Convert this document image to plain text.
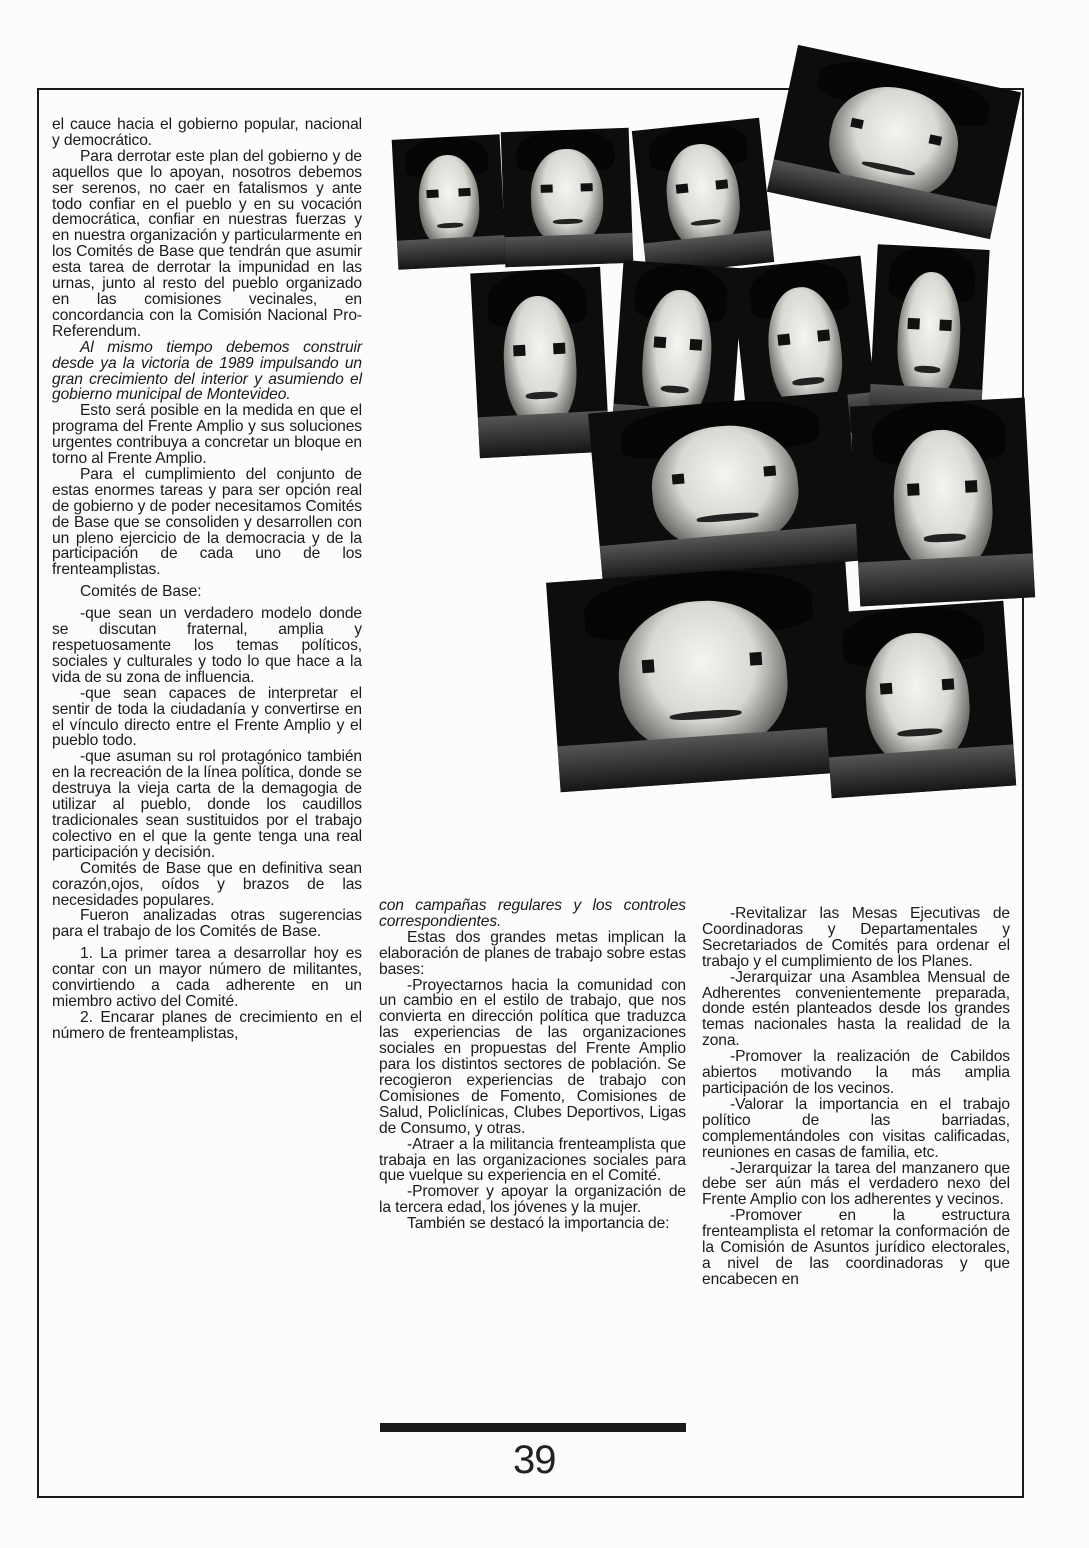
el cauce hacia el gobierno popular, nacional y democrático.

Para derrotar este plan del gobierno y de aquellos que lo apoyan, nosotros debemos ser serenos, no caer en fatalismos y ante todo confiar en el pueblo y en su vocación democrática, confiar en nuestras fuerzas y en nuestra organización y particularmente en los Comités de Base que tendrán que asumir esta tarea de derrotar la impunidad en las urnas, junto al resto del pueblo organizado en las comisiones vecinales, en concordancia con la Comisión Nacional Pro-Referendum.

Al mismo tiempo debemos construir desde ya la victoria de 1989 impulsando un gran crecimiento del interior y asumiendo el gobierno municipal de Montevideo.

Esto será posible en la medida en que el programa del Frente Amplio y sus soluciones urgentes contribuya a concretar un bloque en torno al Frente Amplio.

Para el cumplimiento del conjunto de estas enormes tareas y para ser opción real de gobierno y de poder necesitamos Comités de Base que se consoliden y desarrollen con un pleno ejercicio de la democracia y de la participación de cada uno de los frenteamplistas.

Comités de Base:

-que sean un verdadero modelo donde se discutan fraternal, amplia y respetuosamente los temas políticos, sociales y culturales y todo lo que hace a la vida de su zona de influencia.

-que sean capaces de interpretar el sentir de toda la ciudadanía y convertirse en el vínculo directo entre el Frente Amplio y el pueblo todo.

-que asuman su rol protagónico también en la recreación de la línea política, donde se destruya la vieja carta de la demagogia de utilizar al pueblo, donde los caudillos tradicionales sean sustituidos por el trabajo colectivo en el que la gente tenga una real participación y decisión.

Comités de Base que en definitiva sean corazón,ojos, oídos y brazos de las necesidades populares.

Fueron analizadas otras sugerencias para el trabajo de los Comités de Base.

1. La primer tarea a desarrollar hoy es contar con un mayor número de militantes, convirtiendo a cada adherente en un miembro activo del Comité.

2. Encarar planes de crecimiento en el número de frenteamplistas,

con campañas regulares y los controles correspondientes.

Estas dos grandes metas implican la elaboración de planes de trabajo sobre estas bases:

-Proyectarnos hacia la comunidad con un cambio en el estilo de trabajo, que nos convierta en dirección política que traduzca las experiencias de las organizaciones sociales en propuestas del Frente Amplio para los distintos sectores de población. Se recogieron experiencias de trabajo con Comisiones de Fomento, Comisiones de Salud, Policlínicas, Clubes Deportivos, Ligas de Consumo, y otras.

-Atraer a la militancia frenteamplista que trabaja en las organizaciones sociales para que vuelque su experiencia en el Comité.

-Promover y apoyar la organización de la tercera edad, los jóvenes y la mujer.

También se destacó la importancia de:

39

-Revitalizar las Mesas Ejecutivas de Coordinadoras y Departamentales y Secretariados de Comités para ordenar el trabajo y el cumplimiento de los Planes.

-Jerarquizar una Asamblea Mensual de Adherentes convenientemente preparada, donde estén planteados desde los grandes temas nacionales hasta la realidad de la zona.

-Promover la realización de Cabildos abiertos motivando la más amplia participación de los vecinos.

-Valorar la importancia en el trabajo político de las barriadas, complementándoles con visitas calificadas, reuniones en casas de familia, etc.

-Jerarquizar la tarea del manzanero que debe ser aún más el verdadero nexo del Frente Amplio con los adherentes y vecinos.

-Promover en la estructura frenteamplista el retomar la conformación de la Comisión de Asuntos jurídico electorales, a nivel de las coordinadoras y que encabecen en
